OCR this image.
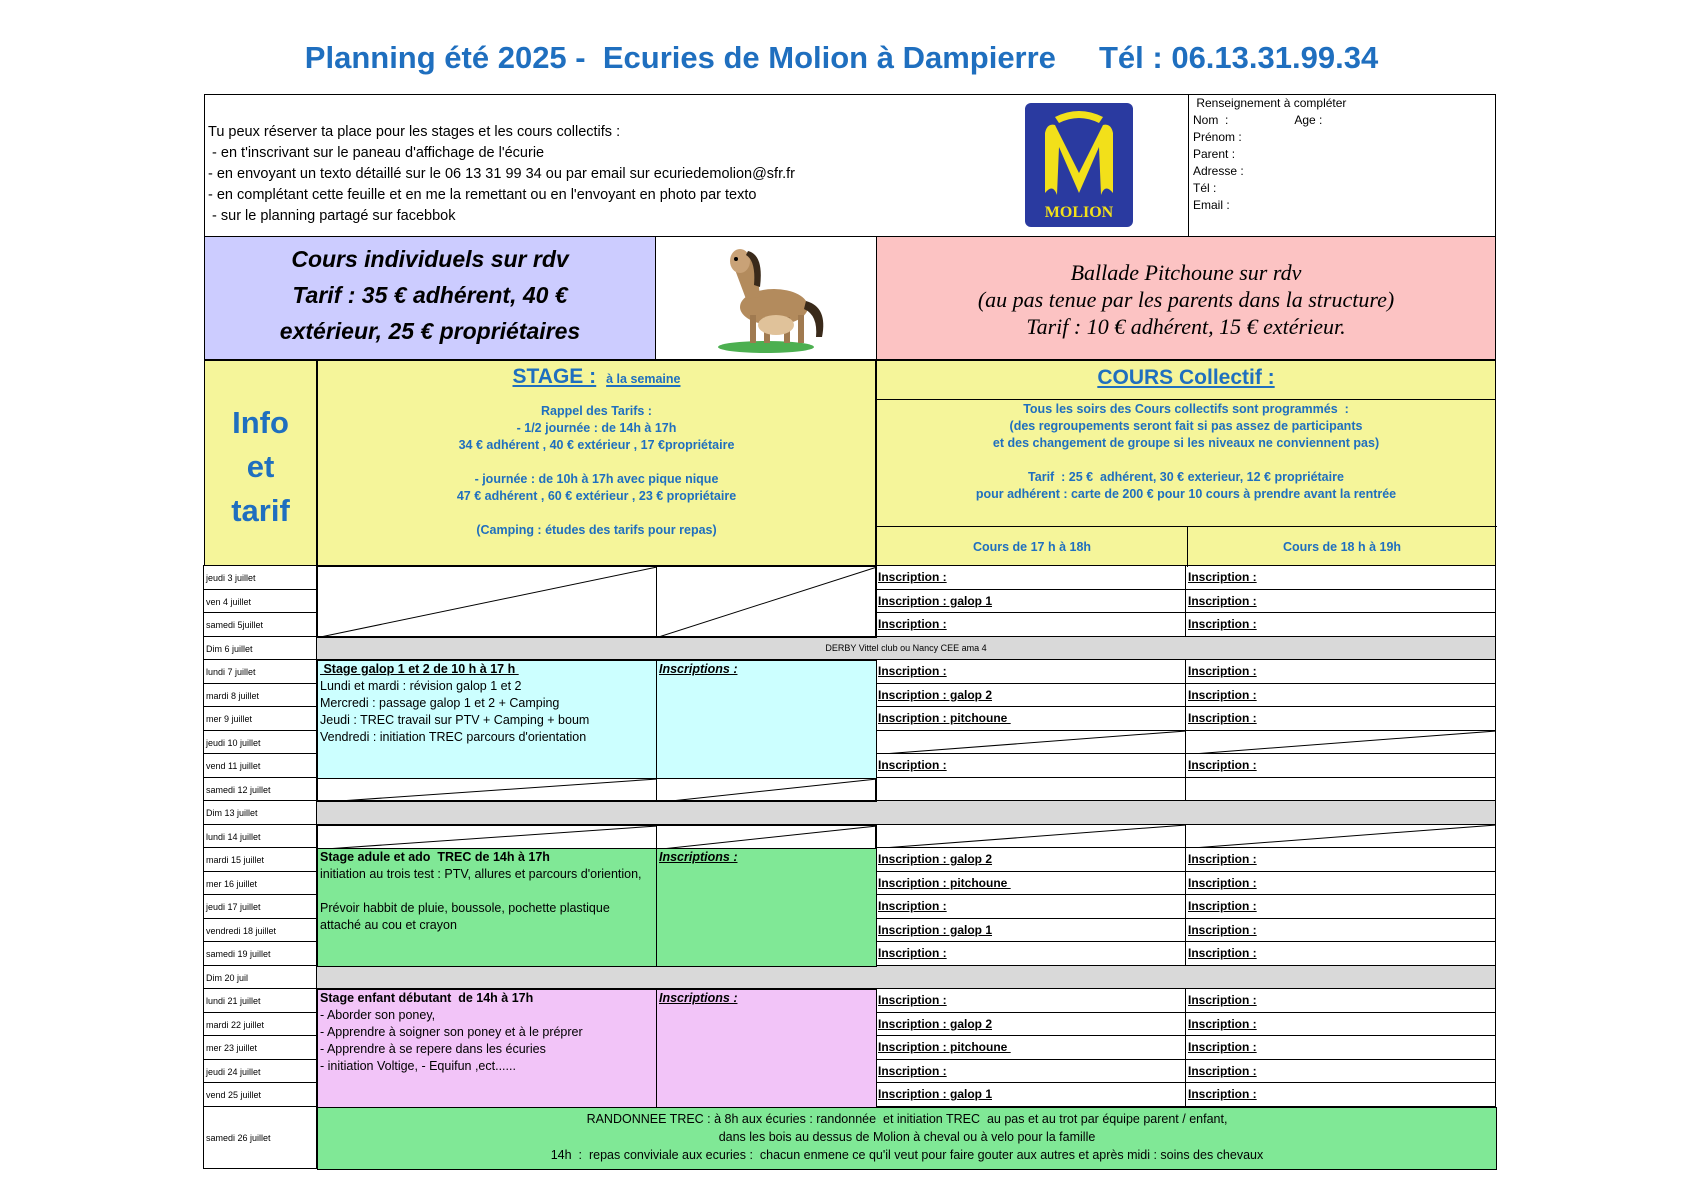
Planning été 2025 -  Ecuries de Molion à Dampierre     Tél : 06.13.31.99.34
Tu peux réserver ta place pour les stages et les cours collectifs :
- en t'inscrivant sur le paneau d'affichage de l'écurie
- en envoyant un texto détaillé sur le 06 13 31 99 34 ou par email sur ecuriedemolion@sfr.fr
- en complétant cette feuille et en me la remettant ou en l'envoyant en photo par texto
- sur le planning partagé sur facebbok	MOLION
Renseignement à compléter
Nom  :                    Age :
Prénom :
Parent :
Adresse :
Tél :
Email :
Cours individuels sur rdv
Tarif : 35 € adhérent, 40 €
extérieur, 25 € propriétaires
Ballade Pitchoune sur rdv
(au pas tenue par les parents dans la structure)
Tarif : 10 € adhérent, 15 € extérieur.
Info
et
tarif
STAGE : à la semaine
Rappel des Tarifs :
- 1/2 journée : de 14h à 17h
34 € adhérent , 40 € extérieur , 17 €propriétaire

- journée : de 10h à 17h avec pique nique
47 € adhérent , 60 € extérieur , 23 € propriétaire

(Camping : études des tarifs pour repas)
COURS Collectif :
Tous les soirs des Cours collectifs sont programmés  :
(des regroupements seront fait si pas assez de participants
et des changement de groupe si les niveaux ne conviennent pas)

Tarif  : 25 €  adhérent, 30 € exterieur, 12 € propriétaire
pour adhérent : carte de 200 € pour 10 cours à prendre avant la rentrée
Cours de 17 h à 18h	Cours de 18 h à 19h
jeudi 3 juillet	Inscription :	Inscription :
ven 4 juillet	Inscription : galop 1	Inscription :
samedi 5juillet	Inscription :	Inscription :
Dim 6 juillet	DERBY Vittel club ou Nancy CEE ama 4
lundi 7 juillet	Inscription :	Inscription :
mardi 8 juillet	Inscription : galop 2	Inscription :
mer 9 juillet	Inscription : pitchoune	Inscription :
jeudi 10 juillet
vend 11 juillet	Inscription :	Inscription :
samedi 12 juillet
Dim 13 juillet
lundi 14 juillet
mardi 15 juillet	Inscription : galop 2	Inscription :
mer 16 juillet	Inscription : pitchoune	Inscription :
jeudi 17 juillet	Inscription :	Inscription :
vendredi 18 juillet	Inscription : galop 1	Inscription :
samedi 19 juillet	Inscription :	Inscription :
Dim 20 juil
lundi 21 juillet	Inscription :	Inscription :
mardi 22 juillet	Inscription : galop 2	Inscription :
mer 23 juillet	Inscription : pitchoune	Inscription :
jeudi 24 juillet	Inscription :	Inscription :
vend 25 juillet	Inscription : galop 1	Inscription :
samedi 26 juillet
Stage galop 1 et 2 de 10 h à 17 h
Lundi et mardi : révision galop 1 et 2
Mercredi : passage galop 1 et 2 + Camping
Jeudi : TREC travail sur PTV + Camping + boum
Vendredi : initiation TREC parcours d'orientation
Inscriptions :
Stage adule et ado  TREC de 14h à 17h
initiation au trois test : PTV, allures et parcours d'oriention,

Prévoir habbit de pluie, boussole, pochette plastique
attaché au cou et crayon
Inscriptions :
Stage enfant débutant  de 14h à 17h
- Aborder son poney,
- Apprendre à soigner son poney et à le préprer
- Apprendre à se repere dans les écuries
- initiation Voltige, - Equifun ,ect......
Inscriptions :
RANDONNEE TREC : à 8h aux écuries : randonnée  et initiation TREC  au pas et au trot par équipe parent / enfant,
dans les bois au dessus de Molion à cheval ou à velo pour la famille
14h  :  repas conviviale aux ecuries :  chacun enmene ce qu'il veut pour faire gouter aux autres et après midi : soins des chevaux
